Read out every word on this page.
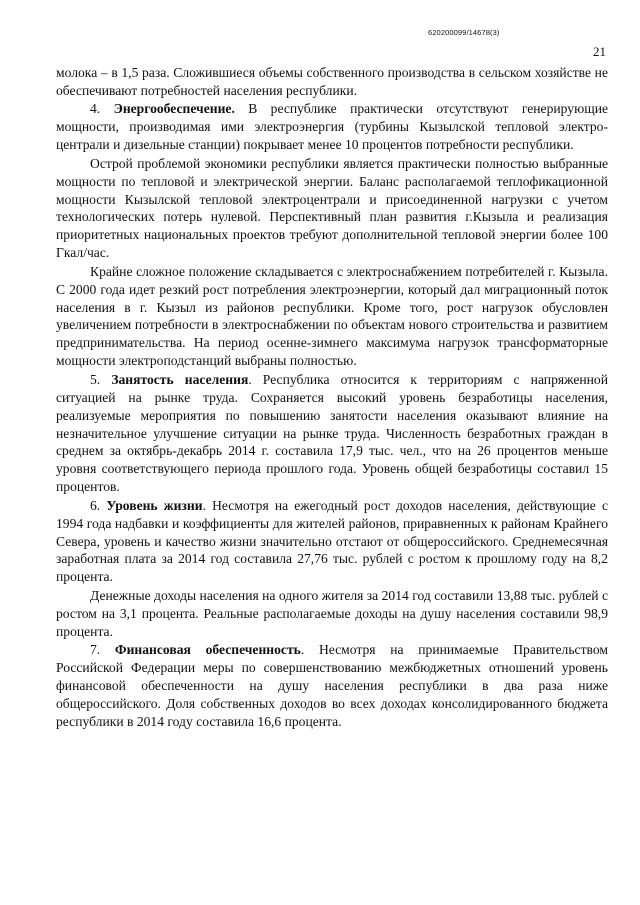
620200099/14678(3)
21

молока – в 1,5 раза. Сложившиеся объемы собственного производства в сельском хозяйстве не обеспечивают потребностей населения республики.

4. Энергообеспечение. В республике практически отсутствуют генерирующие мощности, производимая ими электроэнергия (турбины Кызылской тепловой электроцентрали и дизельные станции) покрывает менее 10 процентов потребности республики.

Острой проблемой экономики республики является практически полностью выбранные мощности по тепловой и электрической энергии. Баланс располагаемой теплофикационной мощности Кызылской тепловой электроцентрали и присоединенной нагрузки с учетом технологических потерь нулевой. Перспективный план развития г.Кызыла и реализация приоритетных национальных проектов требуют дополнительной тепловой энергии более 100 Гкал/час.

Крайне сложное положение складывается с электроснабжением потребителей г. Кызыла. С 2000 года идет резкий рост потребления электроэнергии, который дал миграционный поток населения в г. Кызыл из районов республики. Кроме того, рост нагрузок обусловлен увеличением потребности в электроснабжении по объектам нового строительства и развитием предпринимательства. На период осенне-зимнего максимума нагрузок трансформаторные мощности электроподстанций выбраны полностью.

5. Занятость населения. Республика относится к территориям с напряженной ситуацией на рынке труда. Сохраняется высокий уровень безработицы населения, реализуемые мероприятия по повышению занятости населения оказывают влияние на незначительное улучшение ситуации на рынке труда. Численность безработных граждан в среднем за октябрь-декабрь 2014 г. составила 17,9 тыс. чел., что на 26 процентов меньше уровня соответствующего периода прошлого года. Уровень общей безработицы составил 15 процентов.

6. Уровень жизни. Несмотря на ежегодный рост доходов населения, действующие с 1994 года надбавки и коэффициенты для жителей районов, приравненных к районам Крайнего Севера, уровень и качество жизни значительно отстают от общероссийского. Среднемесячная заработная плата за 2014 год составила 27,76 тыс. рублей с ростом к прошлому году на 8,2 процента.

Денежные доходы населения на одного жителя за 2014 год составили 13,88 тыс. рублей с ростом на 3,1 процента. Реальные располагаемые доходы на душу населения составили 98,9 процента.

7. Финансовая обеспеченность. Несмотря на принимаемые Правительством Российской Федерации меры по совершенствованию межбюджетных отношений уровень финансовой обеспеченности на душу населения республики в два раза ниже общероссийского. Доля собственных доходов во всех доходах консолидированного бюджета республики в 2014 году составила 16,6 процента.
